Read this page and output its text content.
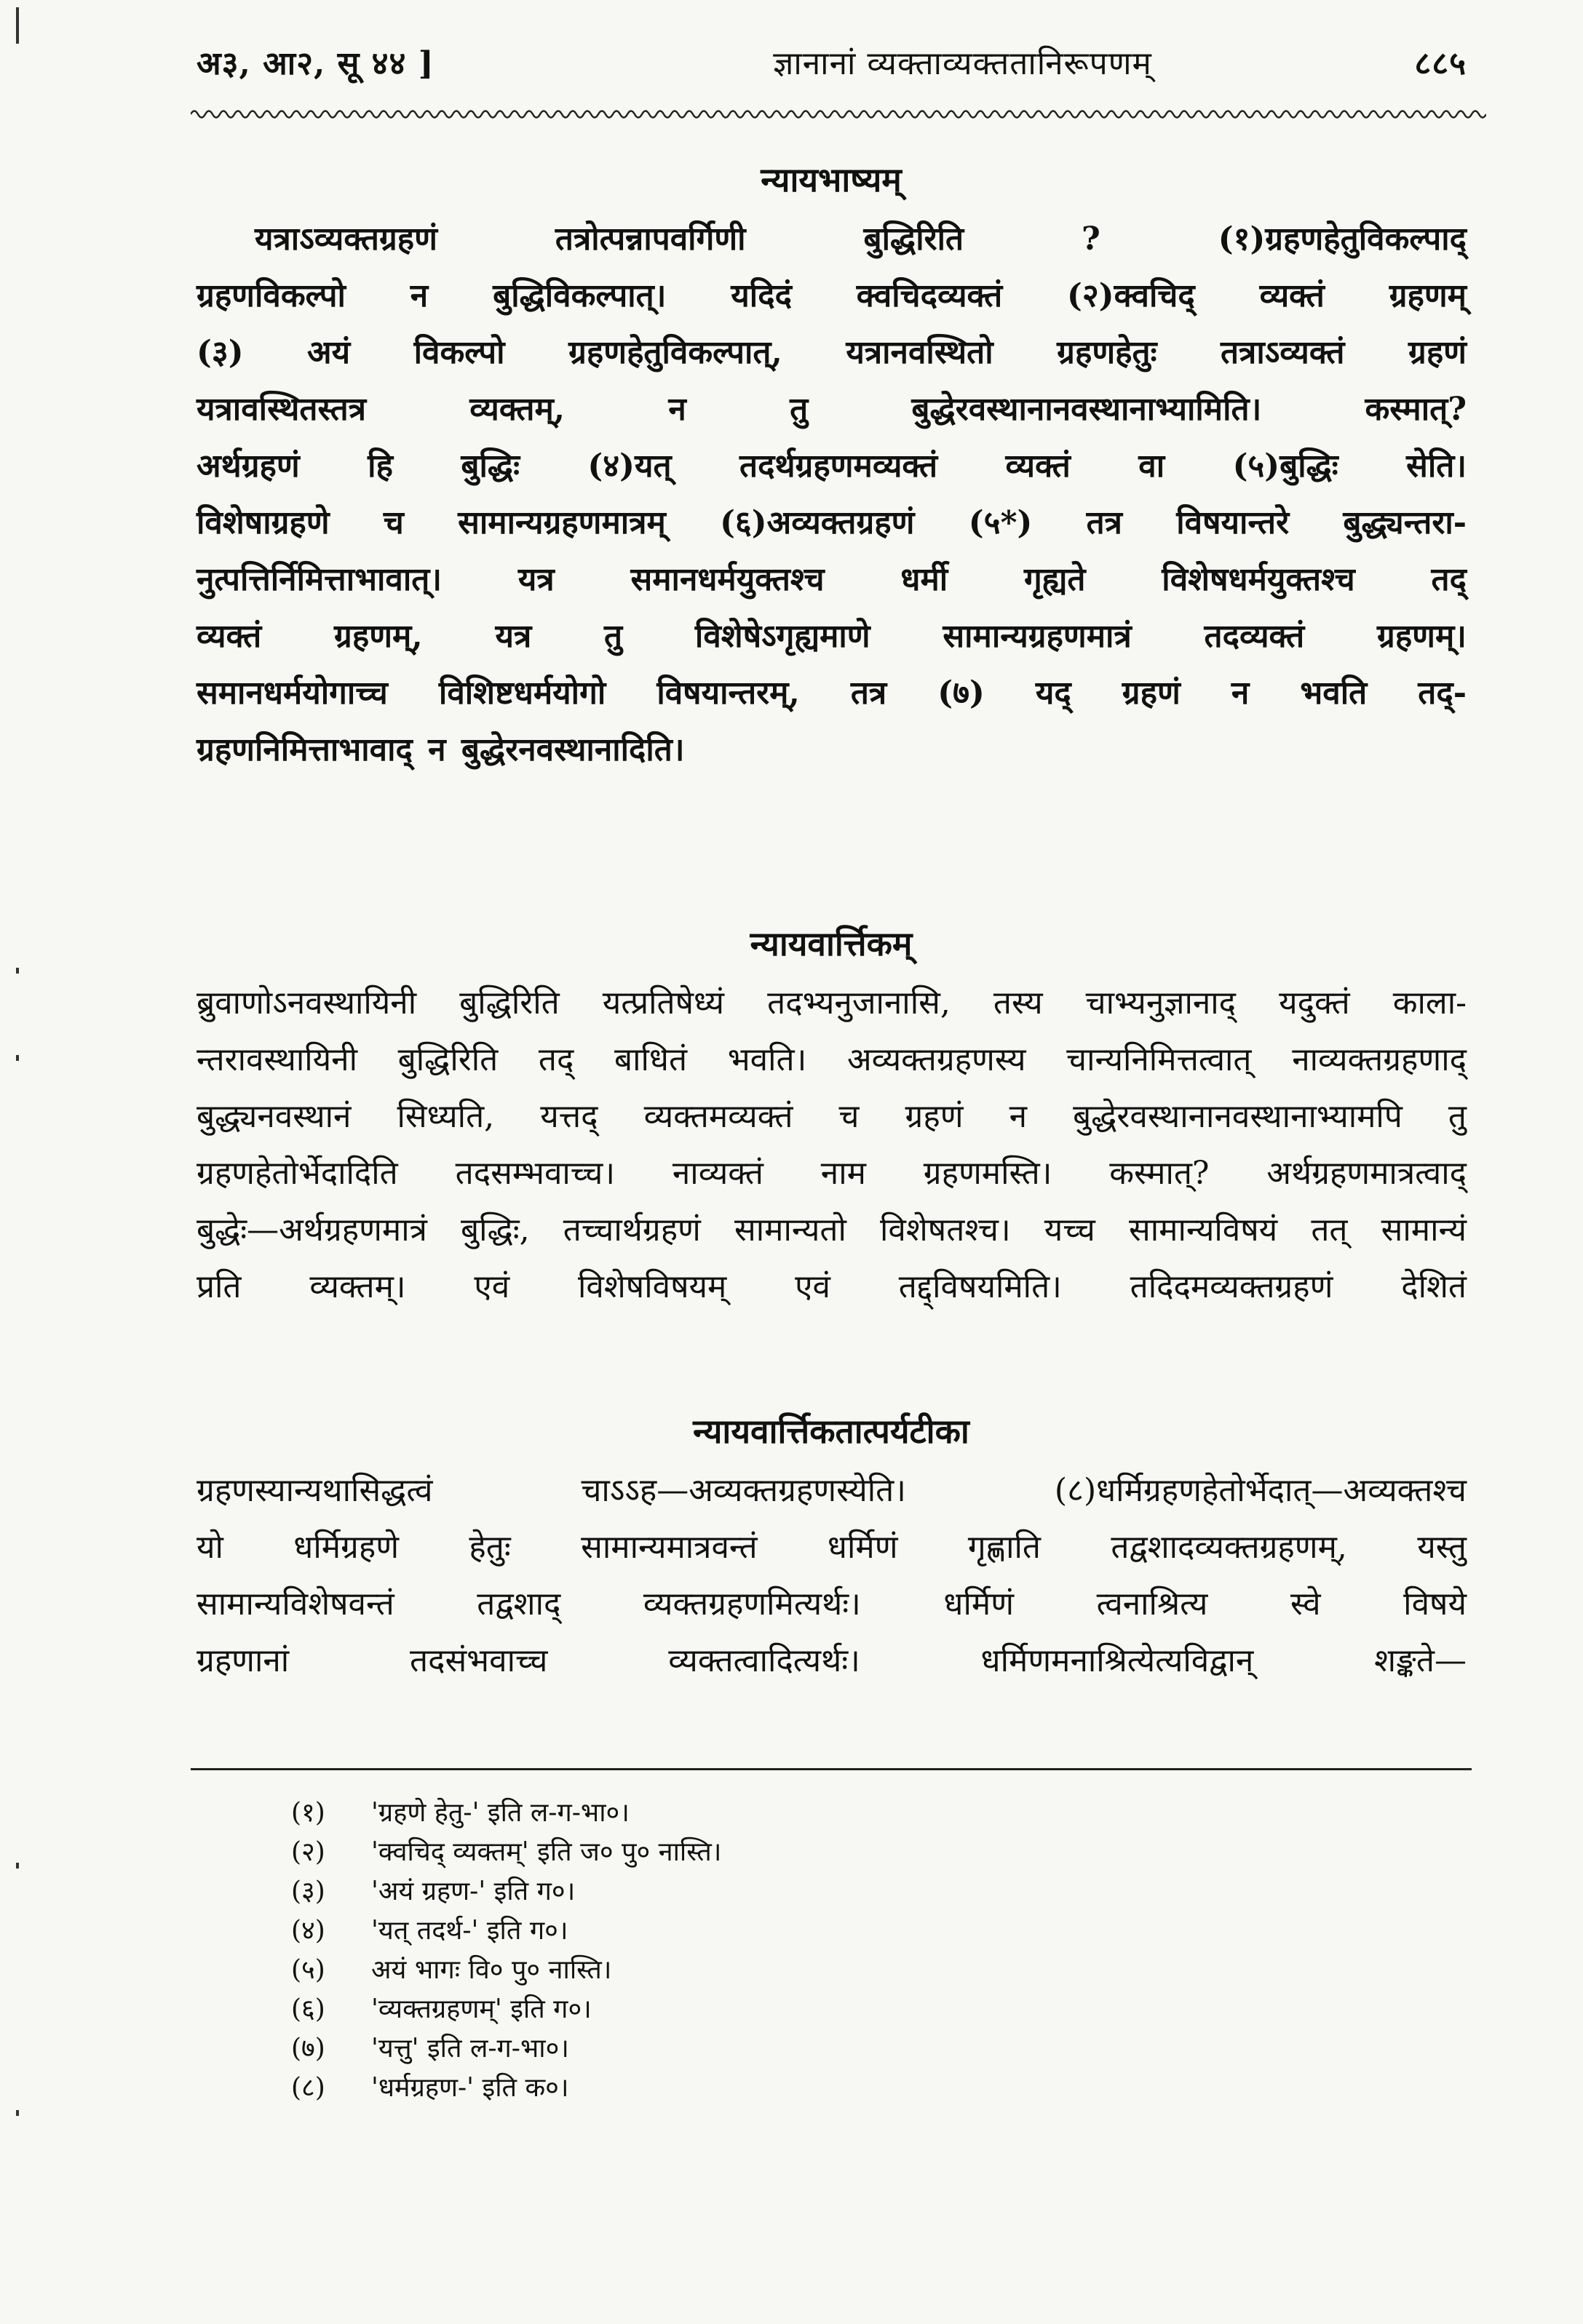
अ३, आ२, सू ४४ ]	ज्ञानानां व्यक्ताव्यक्ततानिरूपणम्	८८५
न्यायभाष्यम्

यत्राऽव्यक्तग्रहणं तत्रोत्पन्नापवर्गिणी बुद्धिरिति ? (१)ग्रहणहेतुविकल्पाद्

ग्रहणविकल्पो न बुद्धिविकल्पात्। यदिदं क्वचिदव्यक्तं (२)क्वचिद् व्यक्तं ग्रहणम्

(३) अयं विकल्पो ग्रहणहेतुविकल्पात्, यत्रानवस्थितो ग्रहणहेतुः तत्राऽव्यक्तं ग्रहणं

यत्रावस्थितस्तत्र व्यक्तम्, न तु बुद्धेरवस्थानानवस्थानाभ्यामिति। कस्मात्?

अर्थग्रहणं हि बुद्धिः (४)यत् तदर्थग्रहणमव्यक्तं व्यक्तं वा (५)बुद्धिः सेति।

विशेषाग्रहणे च सामान्यग्रहणमात्रम् (६)अव्यक्तग्रहणं (५*) तत्र विषयान्तरे बुद्ध्यन्तरा-

नुत्पत्तिर्निमित्ताभावात्। यत्र समानधर्मयुक्तश्च धर्मी गृह्यते विशेषधर्मयुक्तश्च तद्

व्यक्तं ग्रहणम्, यत्र तु विशेषेऽगृह्यमाणे सामान्यग्रहणमात्रं तदव्यक्तं ग्रहणम्।

समानधर्मयोगाच्च विशिष्टधर्मयोगो विषयान्तरम्, तत्र (७) यद् ग्रहणं न भवति तद्-

ग्रहणनिमित्ताभावाद् न बुद्धेरनवस्थानादिति।

न्यायवार्त्तिकम्

ब्रुवाणोऽनवस्थायिनी बुद्धिरिति यत्प्रतिषेध्यं तदभ्यनुजानासि, तस्य चाभ्यनुज्ञानाद् यदुक्तं काला-

न्तरावस्थायिनी बुद्धिरिति तद् बाधितं भवति। अव्यक्तग्रहणस्य चान्यनिमित्तत्वात् नाव्यक्तग्रहणाद्

बुद्ध्यनवस्थानं सिध्यति, यत्तद् व्यक्तमव्यक्तं च ग्रहणं न बुद्धेरवस्थानानवस्थानाभ्यामपि तु

ग्रहणहेतोर्भेदादिति तदसम्भवाच्च। नाव्यक्तं नाम ग्रहणमस्ति। कस्मात्? अर्थग्रहणमात्रत्वाद्

बुद्धेः—अर्थग्रहणमात्रं बुद्धिः, तच्चार्थग्रहणं सामान्यतो विशेषतश्च। यच्च सामान्यविषयं तत् सामान्यं

प्रति व्यक्तम्। एवं विशेषविषयम् एवं तद्द्विषयमिति। तदिदमव्यक्तग्रहणं देशितं

न्यायवार्त्तिकतात्पर्यटीका

ग्रहणस्यान्यथासिद्धत्वं चाऽऽह—अव्यक्तग्रहणस्येति। (८)धर्मिग्रहणहेतोर्भेदात्—अव्यक्तश्च

यो धर्मिग्रहणे हेतुः सामान्यमात्रवन्तं धर्मिणं गृह्णाति तद्वशादव्यक्तग्रहणम्, यस्तु

सामान्यविशेषवन्तं तद्वशाद् व्यक्तग्रहणमित्यर्थः। धर्मिणं त्वनाश्रित्य स्वे विषये

ग्रहणानां तदसंभवाच्च व्यक्तत्वादित्यर्थः। धर्मिणमनाश्रित्येत्यविद्वान् शङ्कते—

(१)	'ग्रहणे हेतु-' इति ल-ग-भा०।
(२)	'क्वचिद् व्यक्तम्' इति ज० पु० नास्ति।
(३)	'अयं ग्रहण-' इति ग०।
(४)	'यत् तदर्थ-' इति ग०।
(५)	अयं भागः वि० पु० नास्ति।
(६)	'व्यक्तग्रहणम्' इति ग०।
(७)	'यत्तु' इति ल-ग-भा०।
(८)	'धर्मग्रहण-' इति क०।
